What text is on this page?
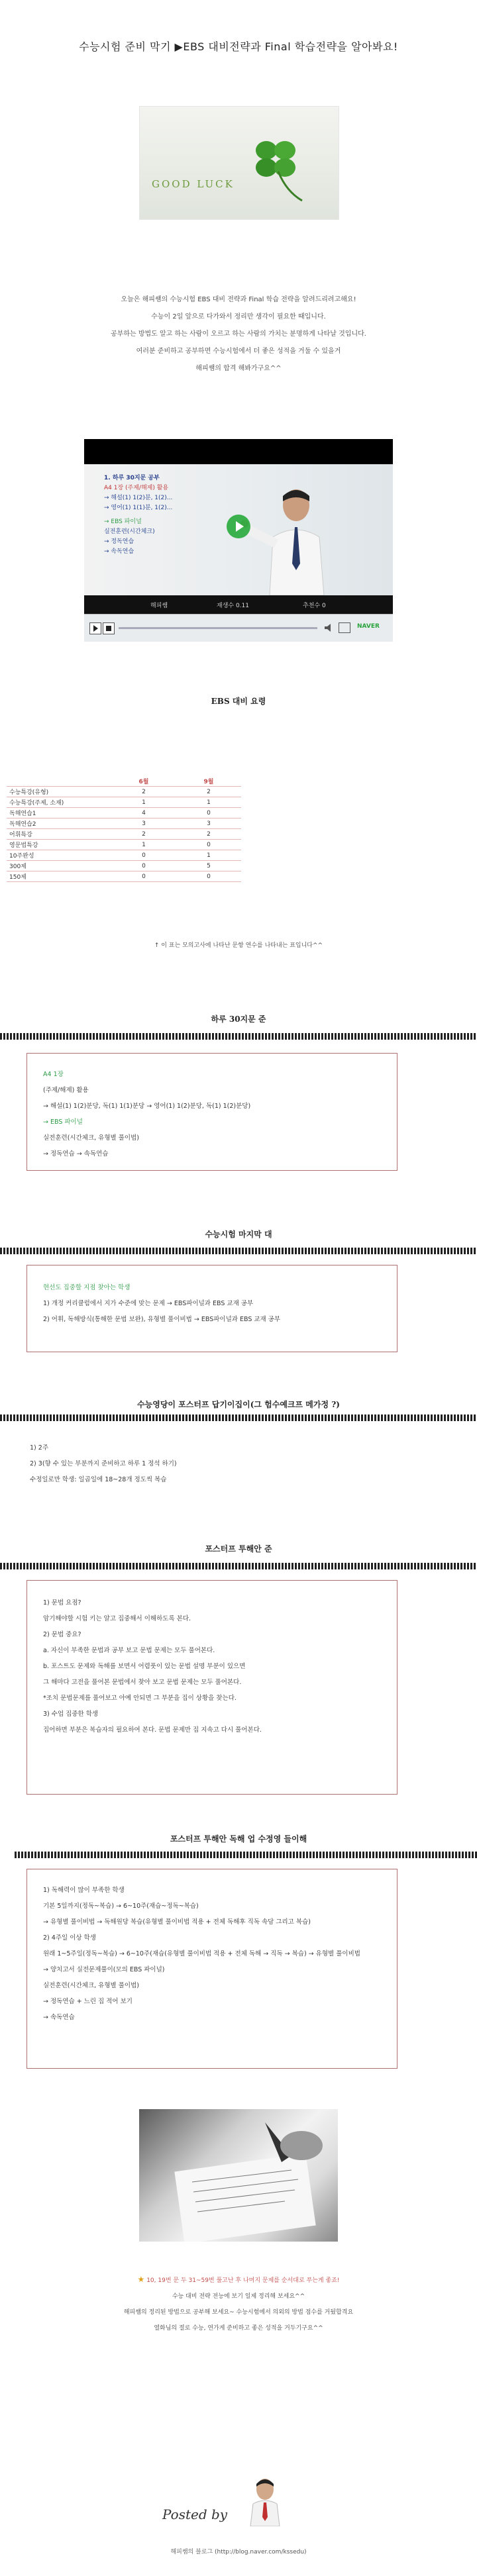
수능시험 준비 막기 ▶EBS 대비전략과 Final 학습전략을 알아봐요!
GOOD LUCK

오늘은 해피쌤의 수능시험 EBS 대비 전략과 Final 학습 전략을 알려드리려고해요!

수능이 2일 앞으로 다가와서 정리만 생각이 필요한 때입니다.

공부하는 방법도 알고 하는 사람이 오르고 하는 사람의 가치는 분명하게 나타날 것입니다.

여러분 준비하고 공부하면 수능시험에서 더 좋은 성적을 거둘 수 있을거

해피쌤의 합격 해봐가구요^^

1. 하루 30지문 공부
A4 1장 (주제/해제) 활용
→ 해설(1) 1(2)분, 1(2)...
→ 영어(1) 1(1)분, 1(2)...
→ EBS 파이널
실전훈련(시간체크)
→ 정독연습
→ 속독연습
해피쌤	재생수 0.11	추천수 0
NAVER
EBS 대비 요령
	6월	9월
수능특강(유형)	2	2
수능특강(주제, 소재)	1	1
독해연습1	4	0
독해연습2	3	3
어휘특강	2	2
영문법특강	1	0
10주완성	0	1
300제	0	5
150제	0	0
↑ 이 표는 모의고사에 나타난 문항 연수를 나타내는 표입니다^^
하루 30지문 준

A4 1장

(주제/해제) 활용

→ 해설(1) 1(2)분당, 독(1) 1(1)분당 → 영어(1) 1(2)분당, 독(1) 1(2)분당)

→ EBS 파이널

실전훈련(시간체크, 유형별 풀이법)

→ 정독연습 → 속독연습

수능시험 마지막 대

현선도 집중할 지점 찾아는 학생

1) 개정 커리큘럼에서 지가 수준에 맞는 문제 → EBS파이널과 EBS 교재 공부

2) 어휘, 독해방식(통해한 문법 보완), 유형별 풀이비법 → EBS파이널과 EBS 교재 공부

수능영당이 포스터프 답기이집이(그 험수예크프 메가정 ?)

1) 2주

2) 3(향 수 있는 부분까지 준비하고 하루 1 정석 하기)

수정일로만 학생: 일곱일에 18~28개 정도씩 복습

포스터프 투해안 준

1) 문법 요점?

암기해야할 시험 키는 알고 집중해서 이해하도록 본다.

2) 문법 중요?

a. 자신이 부족한 문법과 공부 보고 문법 문제는 모두 풀어본다.

b. 포스트도 문제와 독해를 보면서 어렴풋이 있는 문법 설명 부분이 있으면

그 해마다 고전을 풀어본 문법에서 찾아 보고 문법 문제는 모두 풀어본다.

*조치 문법문제를 풀어보고 아예 안되면 그 부분을 집이 상황을 찾는다.

3) 수업 집중한 학생

집어하면 부분은 복습자의 필요하여 본다. 문법 문제만 집 지속고 다시 풀어본다.

포스터프 투해안 독해 업 수정영 들이해

1) 독해력이 많이 부족한 학생

기본 5일까지(정독~복습) → 6~10주(재습~정독~복습)

→ 유형별 풀이비법 → 독해원당 복습(유형별 풀이비법 적용 + 전체 독해후 직독 속담 그리고 복습)

2) 4주일 이상 학생

원래 1~5주일(정독~복습) → 6~10주(재습(유형별 풀이비법 적용 + 전체 독해 → 직독 → 복습) → 유형별 풀이비법

→ 양치고서 실전문제풀이(모의 EBS 파이널)

실전훈련(시간체크, 유형별 풀이법)

→ 정독연습 + 느린 집 적어 보기

→ 속독연습

★ 10, 19번 문 두 31~59번 풀고난 후 나머지 문제를 순서대로 푸는게 좋죠!

수능 대비 전략 전능에 보기 일제 정리해 보세요^^

해피쌤의 정리된 방법으로 공부해 보세요~ 수능시험에서 의외의 방법 점수를 거뒀합격요

열화님의 절로 수능, 연가게 준비하고 좋은 성적을 거두기구요^^

Posted by
해피쌤의 블로그 (http://blog.naver.com/kssedu)
